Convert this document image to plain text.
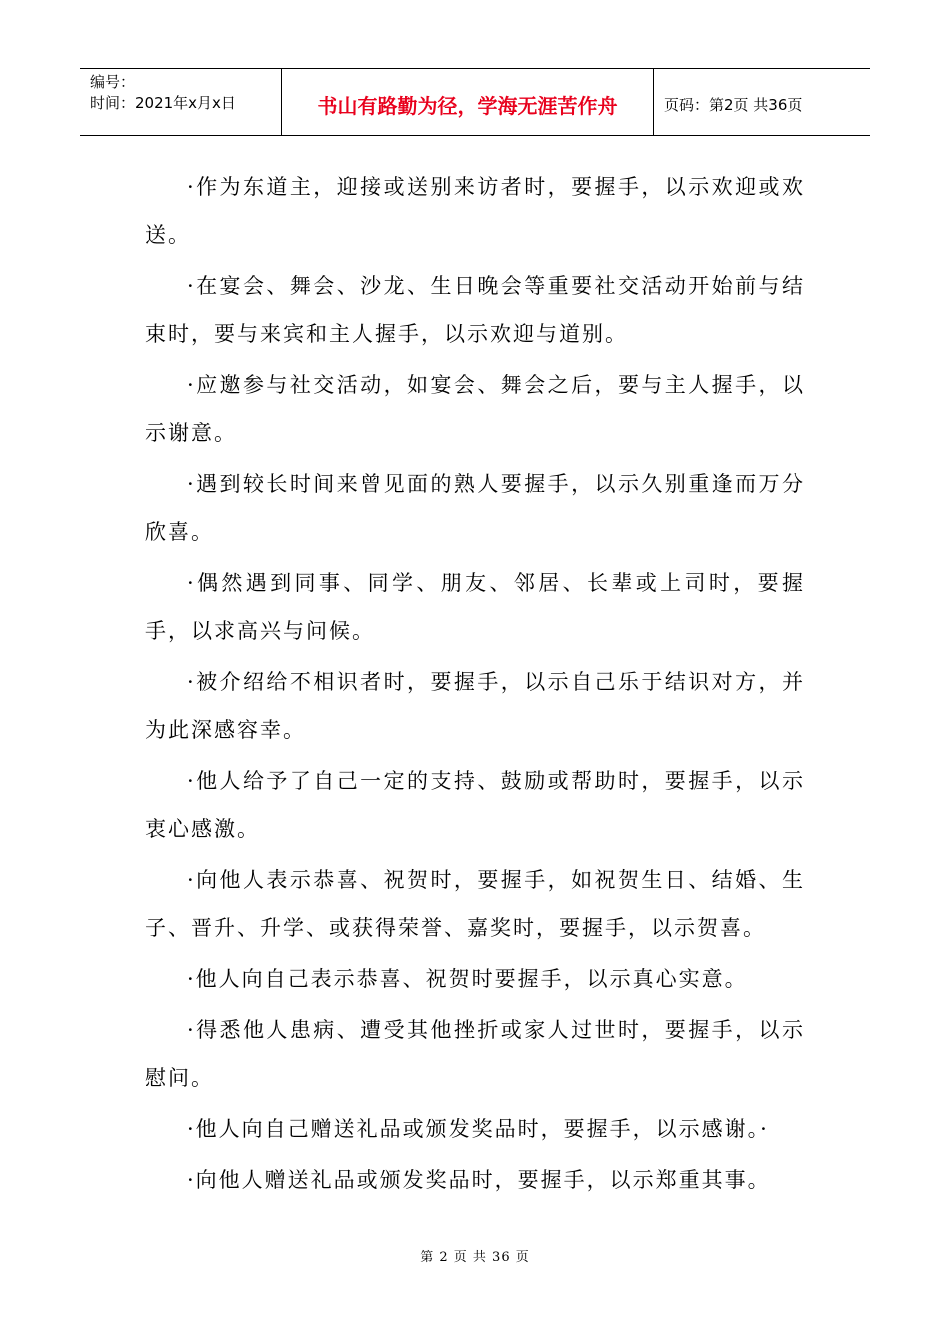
编号：
时间：2021年x月x日	书山有路勤为径，学海无涯苦作舟	页码：第2页 共36页

·作为东道主，迎接或送别来访者时，要握手，以示欢迎或欢送。

·在宴会、舞会、沙龙、生日晚会等重要社交活动开始前与结束时，要与来宾和主人握手，以示欢迎与道别。

·应邀参与社交活动，如宴会、舞会之后，要与主人握手，以示谢意。

·遇到较长时间来曾见面的熟人要握手，以示久别重逢而万分欣喜。

·偶然遇到同事、同学、朋友、邻居、长辈或上司时，要握手，以求高兴与问候。

·被介绍给不相识者时，要握手，以示自己乐于结识对方，并为此深感容幸。

·他人给予了自己一定的支持、鼓励或帮助时，要握手，以示衷心感激。

·向他人表示恭喜、祝贺时，要握手，如祝贺生日、结婚、生子、晋升、升学、或获得荣誉、嘉奖时，要握手，以示贺喜。

·他人向自己表示恭喜、祝贺时要握手，以示真心实意。

·得悉他人患病、遭受其他挫折或家人过世时，要握手，以示慰问。

·他人向自己赠送礼品或颁发奖品时，要握手，以示感谢。·

·向他人赠送礼品或颁发奖品时，要握手，以示郑重其事。

第 2 页 共 36 页
